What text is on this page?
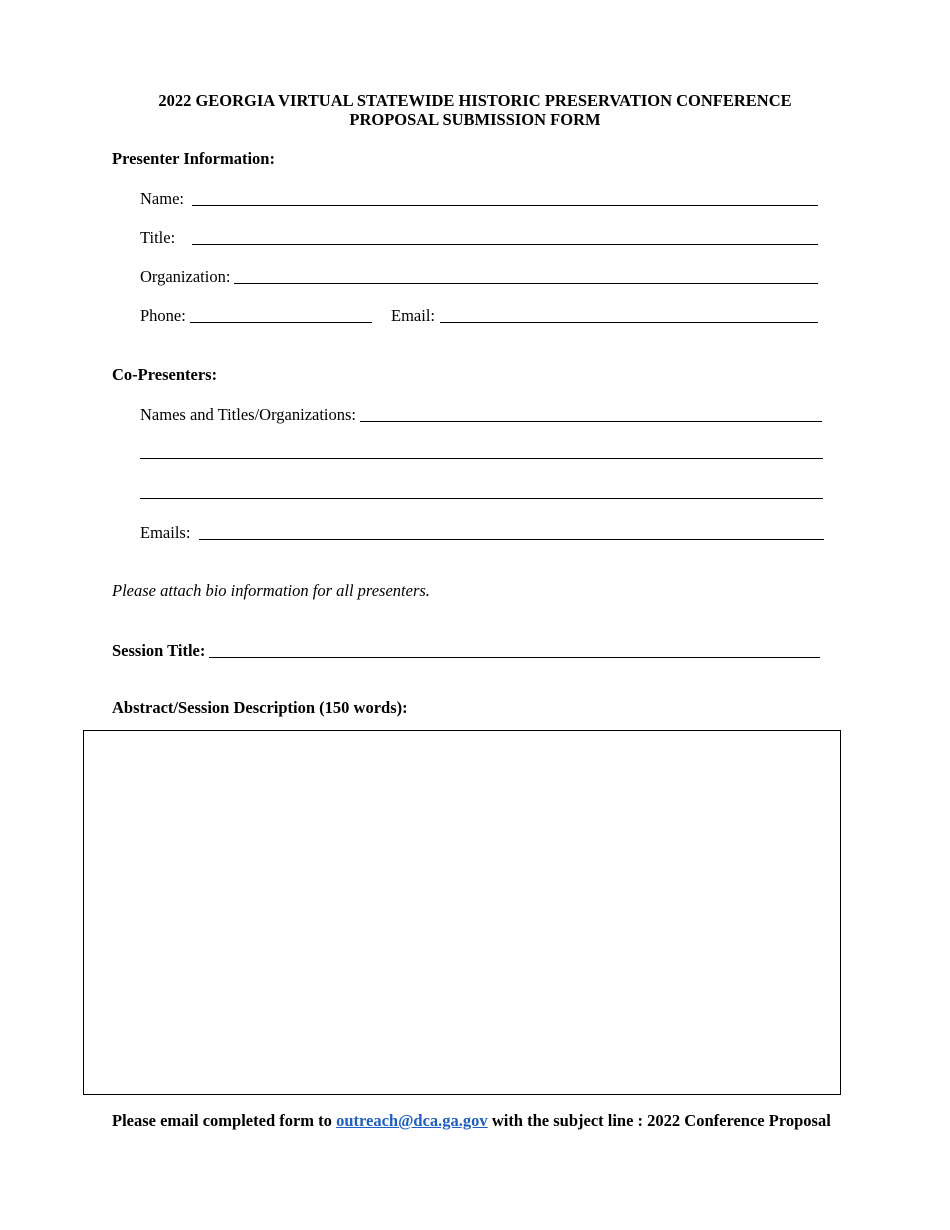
2022 GEORGIA VIRTUAL STATEWIDE HISTORIC PRESERVATION CONFERENCE
PROPOSAL SUBMISSION FORM
Presenter Information:
Name:
Title:
Organization:
Phone:	Email:
Co-Presenters:
Names and Titles/Organizations:
Emails:
Please attach bio information for all presenters.
Session Title:
Abstract/Session Description (150 words):
Please email completed form to outreach@dca.ga.gov with the subject line : 2022 Conference Proposal
